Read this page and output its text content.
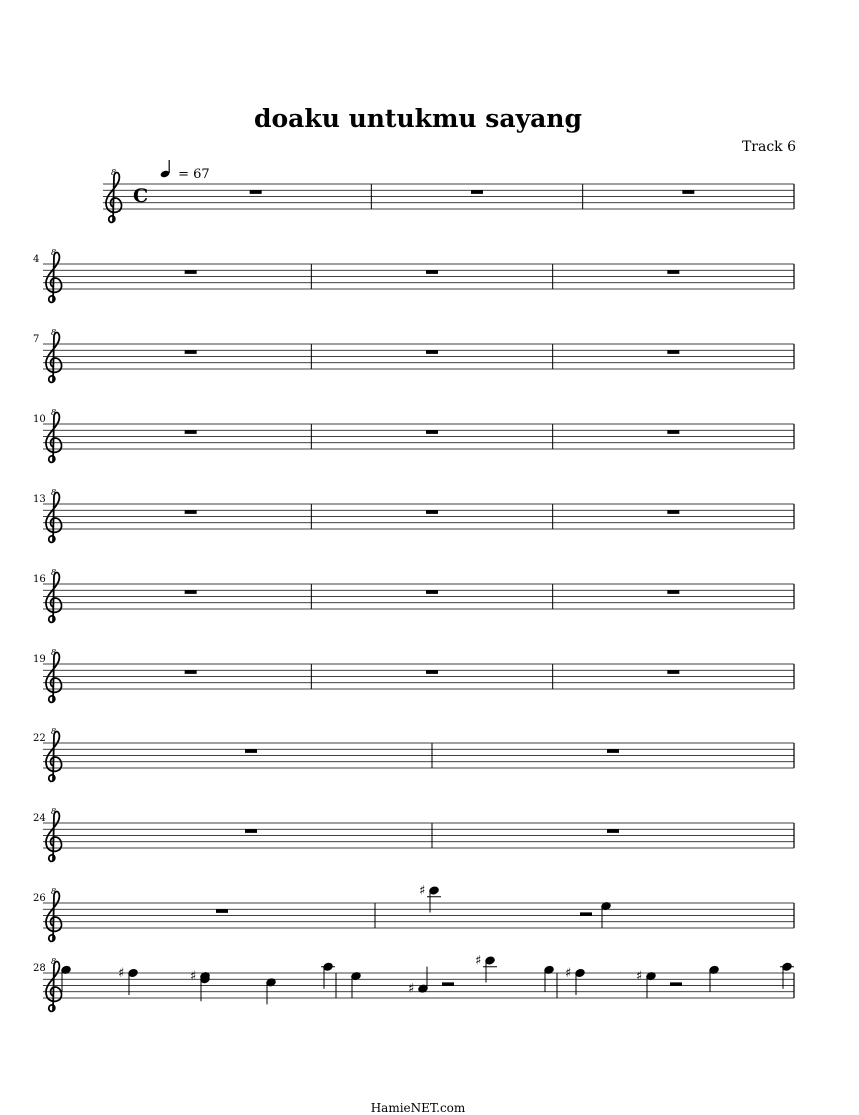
doaku untukmu sayang
Track 6
= 67
8
C
8
4
8
7
8
10
8
13
8
16
8
19
8
22
8
24
8
26	♯
8
28	♯	♯
♯
♯
♯	♯
HamieNET.com
